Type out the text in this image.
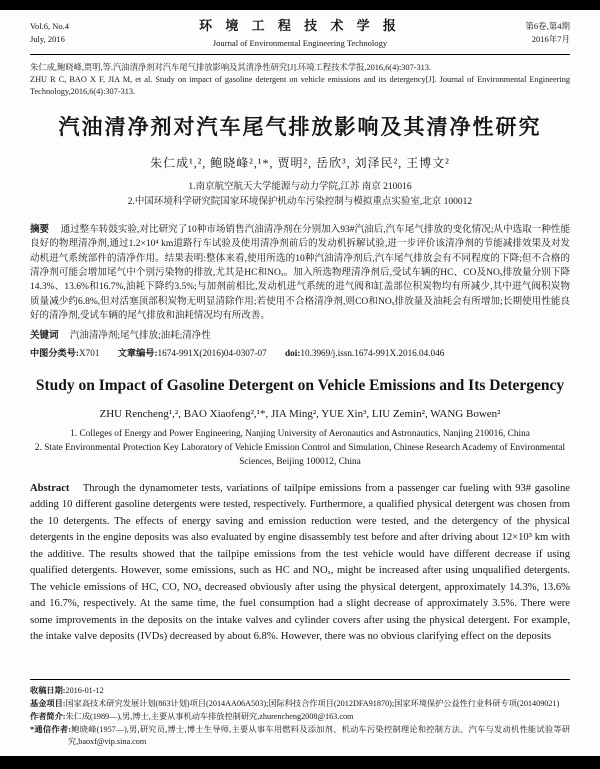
Vol.6, No.4
July, 2016
环 境 工 程 技 术 学 报
Journal of Environmental Engineering Technology
第6卷,第4期
2016年7月
朱仁成,鲍晓峰,贾明,等.汽油清净剂对汽车尾气排放影响及其清净性研究[J].环境工程技术学报,2016,6(4):307-313.
ZHU R C, BAO X F, JIA M, et al. Study on impact of gasoline detergent on vehicle emissions and its detergency[J]. Journal of Environmental Engineering Technology,2016,6(4):307-313.
汽油清净剂对汽车尾气排放影响及其清净性研究
朱仁成¹,², 鲍晓峰²,¹*, 贾明², 岳欣³, 刘泽民², 王博文²
1.南京航空航天大学能源与动力学院,江苏 南京 210016
2.中国环境科学研究院国家环境保护机动车污染控制与模拟重点实验室,北京 100012

摘要 通过整车转鼓实验,对比研究了10种市场销售汽油清净剂在分别加入93#汽油后,汽车尾气排放的变化情况;从中选取一种性能良好的物理清净剂,通过1.2×10⁴ km道路行车试验及使用清净剂前后的发动机拆解试验,进一步评价该清净剂的节能减排效果及对发动机进气系统部件的清净作用。结果表明:整体来看,使用所选的10种汽油清净剂后,汽车尾气排放会有不同程度的下降;但不合格的清净剂可能会增加尾气中个别污染物的排放,尤其是HC和NOₓ。加入所选物理清净剂后,受试车辆的HC、CO及NOₓ排放量分别下降14.3%、13.6%和16.7%,油耗下降约3.5%;与加剂前相比,发动机进气系统的进气阀和缸盖部位积炭物均有所减少,其中进气阀积炭物质量减少约6.8%,但对活塞顶部积炭物无明显清除作用;若使用不合格清净剂,则CO和NOₓ排放量及油耗会有所增加;长期使用性能良好的清净剂,受试车辆的尾气排放和油耗情况均有所改善。

关键词 汽油清净剂;尾气排放;油耗;清净性

中图分类号:X701 文章编号:1674-991X(2016)04-0307-07 doi:10.3969/j.issn.1674-991X.2016.04.046

Study on Impact of Gasoline Detergent on Vehicle Emissions and Its Detergency
ZHU Rencheng¹,², BAO Xiaofeng²,¹*, JIA Ming², YUE Xin³, LIU Zemin², WANG Bowen²
1. Colleges of Energy and Power Engineering, Nanjing University of Aeronautics and Astronautics, Nanjing 210016, China
2. State Environmental Protection Key Laboratory of Vehicle Emission Control and Simulation, Chinese Research Academy of Environmental Sciences, Beijing 100012, China

Abstract Through the dynamometer tests, variations of tailpipe emissions from a passenger car fueling with 93# gasoline adding 10 different gasoline detergents were tested, respectively. Furthermore, a qualified physical detergent was chosen from the 10 detergents. The effects of energy saving and emission reduction were tested, and the detergency of the physical detergents in the engine deposits was also evaluated by engine disassembly test before and after driving about 12×10³ km with the additive. The results showed that the tailpipe emissions from the test vehicle would have different decrease if using qualified detergents. However, some emissions, such as HC and NOₓ, might be increased after using unqualified detergents. The vehicle emissions of HC, CO, NOₓ decreased obviously after using the physical detergent, approximately 14.3%, 13.6% and 16.7%, respectively. At the same time, the fuel consumption had a slight decrease of approximately 3.5%. There were some improvements in the deposits on the intake valves and cylinder covers after using the physical detergent. For example, the intake valve deposits (IVDs) decreased by about 6.8%. However, there was no obvious clarifying effect on the deposits

收稿日期:2016-01-12
基金项目:国家高技术研究发展计划(863计划)项目(2014AA06A503);国际科技合作项目(2012DFA91870);国家环境保护公益性行业科研专项(201409021)
作者简介:朱仁成(1989—),男,博士,主要从事机动车排放控制研究,zhurencheng2008@163.com
*通信作者:鲍晓峰(1957—),男,研究员,博士,博士生导师,主要从事车用燃料及添加剂、机动车污染控制理论和控制方法、汽车与发动机性能试验等研究,baoxf@vip.sina.com
